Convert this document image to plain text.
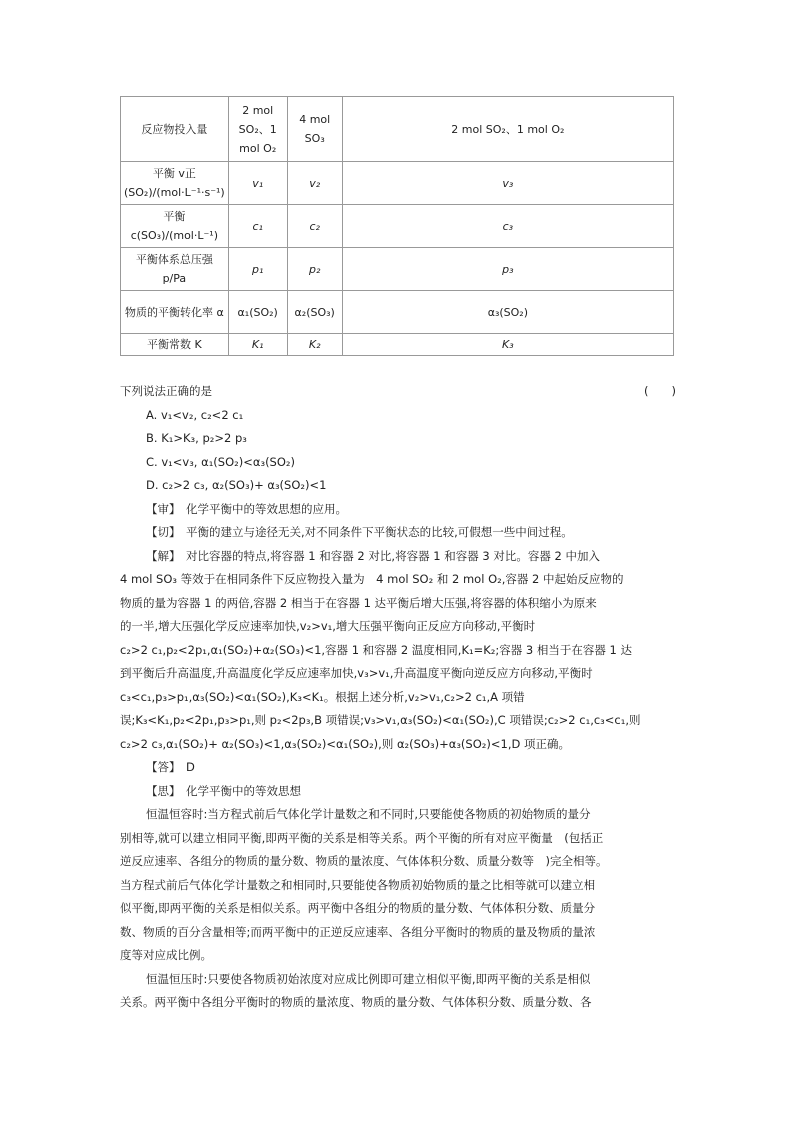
反应物投入量	2 mol SO₂、1 mol O₂	4 mol SO₃	2 mol SO₂、1 mol O₂
平衡 v正(SO₂)/(mol·L⁻¹·s⁻¹)	v₁	v₂	v₃
平衡 c(SO₃)/(mol·L⁻¹)	c₁	c₂	c₃
平衡体系总压强 p/Pa	p₁	p₂	p₃
物质的平衡转化率 α	α₁(SO₂)	α₂(SO₃)	α₃(SO₂)
平衡常数 K	K₁	K₂	K₃
下列说法正确的是	(　　)
A. v₁<v₂, c₂<2 c₁
B. K₁>K₃, p₂>2 p₃
C. v₁<v₃, α₁(SO₂)<α₃(SO₂)
D. c₂>2 c₃, α₂(SO₃)+ α₃(SO₂)<1
【审】 化学平衡中的等效思想的应用。
【切】 平衡的建立与途径无关,对不同条件下平衡状态的比较,可假想一些中间过程。
【解】 对比容器的特点,将容器 1 和容器 2 对比,将容器 1 和容器 3 对比。容器 2 中加入
4 mol SO₃ 等效于在相同条件下反应物投入量为　4 mol SO₂ 和 2 mol O₂,容器 2 中起始反应物的
物质的量为容器 1 的两倍,容器 2 相当于在容器 1 达平衡后增大压强,将容器的体积缩小为原来
的一半,增大压强化学反应速率加快,v₂>v₁,增大压强平衡向正反应方向移动,平衡时
c₂>2 c₁,p₂<2p₁,α₁(SO₂)+α₂(SO₃)<1,容器 1 和容器 2 温度相同,K₁=K₂;容器 3 相当于在容器 1 达
到平衡后升高温度,升高温度化学反应速率加快,v₃>v₁,升高温度平衡向逆反应方向移动,平衡时
c₃<c₁,p₃>p₁,α₃(SO₂)<α₁(SO₂),K₃<K₁。根据上述分析,v₂>v₁,c₂>2 c₁,A 项错
误;K₃<K₁,p₂<2p₁,p₃>p₁,则 p₂<2p₃,B 项错误;v₃>v₁,α₃(SO₂)<α₁(SO₂),C 项错误;c₂>2 c₁,c₃<c₁,则
c₂>2 c₃,α₁(SO₂)+ α₂(SO₃)<1,α₃(SO₂)<α₁(SO₂),则 α₂(SO₃)+α₃(SO₂)<1,D 项正确。
【答】 D
【思】 化学平衡中的等效思想
恒温恒容时:当方程式前后气体化学计量数之和不同时,只要能使各物质的初始物质的量分
别相等,就可以建立相同平衡,即两平衡的关系是相等关系。两个平衡的所有对应平衡量　(包括正
逆反应速率、各组分的物质的量分数、物质的量浓度、气体体积分数、质量分数等　)完全相等。
当方程式前后气体化学计量数之和相同时,只要能使各物质初始物质的量之比相等就可以建立相
似平衡,即两平衡的关系是相似关系。两平衡中各组分的物质的量分数、气体体积分数、质量分
数、物质的百分含量相等;而两平衡中的正逆反应速率、各组分平衡时的物质的量及物质的量浓
度等对应成比例。
恒温恒压时:只要使各物质初始浓度对应成比例即可建立相似平衡,即两平衡的关系是相似
关系。两平衡中各组分平衡时的物质的量浓度、物质的量分数、气体体积分数、质量分数、各
